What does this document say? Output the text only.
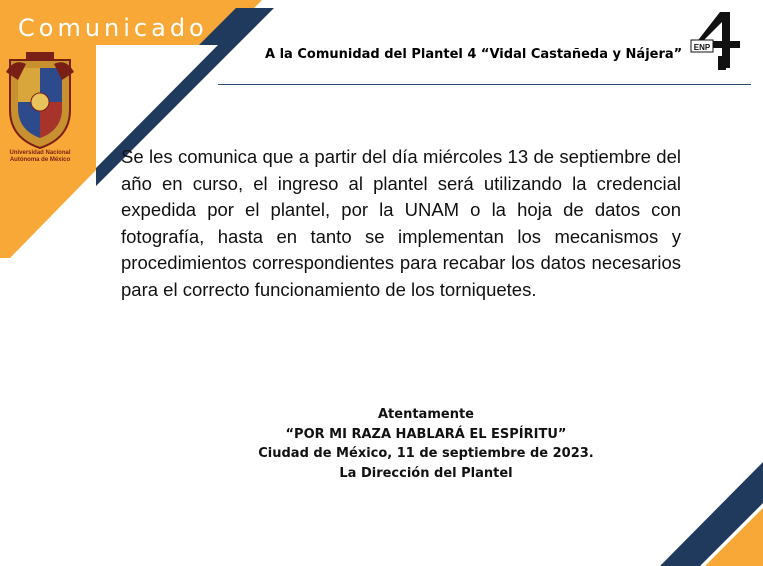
Comunicado
Universidad Nacional
Autónoma de México
A la Comunidad del Plantel 4 “Vidal Castañeda y Nájera” ENP
Se les comunica que a partir del día miércoles 13 de septiembre del año en curso, el ingreso al plantel será utilizando la credencial expedida por el plantel, por la UNAM o la hoja de datos con fotografía, hasta en tanto se implementan los mecanismos y procedimientos correspondientes para recabar los datos necesarios para el correcto funcionamiento de los torniquetes.
Atentamente
“POR MI RAZA HABLARÁ EL ESPÍRITU”
Ciudad de México, 11 de septiembre de 2023.
La Dirección del Plantel
